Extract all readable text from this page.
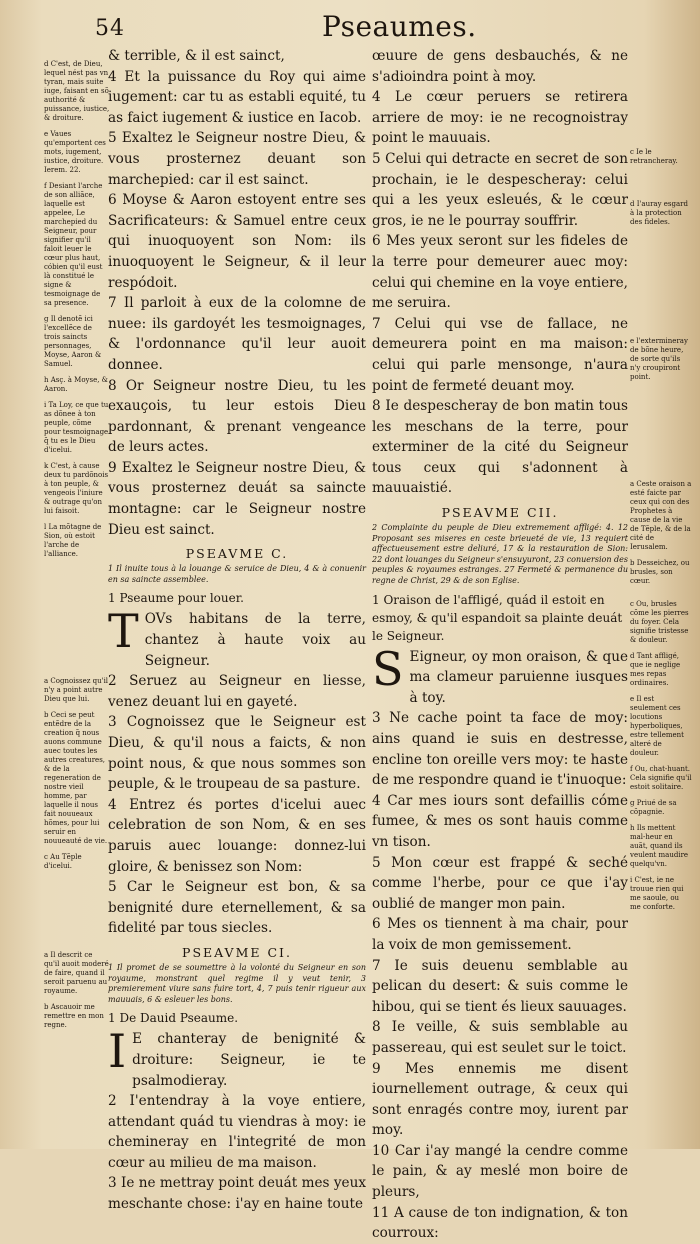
54	Pseaumes.
d C'est, de Dieu, lequel nést pas vn tyran, mais suite iuge, faisant en sõ authorité & puissance, iustice, & droiture.
e Vaues qu'emportent ces mots, iugement, iustice, droiture. Ierem. 22.
f Desiant l'arche de son alliãce, laquelle est appelee, Le marchepied du Seigneur, pour signifier qu'il faloit leuer le cœur plus haut, cóbien qu'il eust là constitué le signe & tesmoignage de sa presence.
g Il denotẽ ici l'excellẽce de trois saincts personnages, Moyse, Aaron & Samuel.
h Asç. à Moyse, & Aaron.
i Ta Loy, ce que tu as dõnee à ton peuple, cõme pour tesmoignage q̃ tu es le Dieu d'icelui.
k C'est, à cause deux tu pardõnois à ton peuple, & vengeois l'iniure & outrage qu'on lui faisoit.
l La mõtagne de Sion, où estoit l'arche de l'alliance.
a Cognoissez qu'il n'y a point autre Dieu que lui.
b Ceci se peut entẽdre de la creation q̃ nous auons commune auec toutes les autres creatures, & de la regeneration de nostre vieil homme, par laquelle il nous fait nouueaux hõmes, pour lui seruir en nouueauté de vie.
c Au Tẽple d'icelui.
a Il descrit ce qu'il auoit moderé de faire, quand il seroit paruenu au royaume.
b Ascauoir me remettre en mon regne.

& terrible, & il est sainct,

4 Et la puissance du Roy qui aime iugement: car tu as establi equité, tu as faict iugement & iustice en Iacob.

5 Exaltez le Seigneur nostre Dieu, & vous prosternez deuant son marchepied: car il est sainct.

6 Moyse & Aaron estoyent entre ses Sacrificateurs: & Samuel entre ceux qui inuoquoyent son Nom: ils inuoquoyent le Seigneur, & il leur respódoit.

7 Il parloit à eux de la colomne de nuee: ils gardoyét les tesmoignages, & l'ordonnance qu'il leur auoit donnee.

8 Or Seigneur nostre Dieu, tu les exauçois, tu leur estois Dieu pardonnant, & prenant vengeance de leurs actes.

9 Exaltez le Seigneur nostre Dieu, & vous prosternez deuát sa saincte montagne: car le Seigneur nostre Dieu est sainct.

PSEAVME C.

1 Il inuite tous à la louange & seruice de Dieu, 4 & à conuenir en sa saincte assemblee.

1 Pseaume pour louer.

T OVs habitans de la terre, chantez à haute voix au Seigneur.

2 Seruez au Seigneur en liesse, venez deuant lui en gayeté.

3 Cognoissez que le Seigneur est Dieu, & qu'il nous a faicts, & non point nous, & que nous sommes son peuple, & le troupeau de sa pasture.

4 Entrez és portes d'icelui auec celebration de son Nom, & en ses paruis auec louange: donnez-lui gloire, & benissez son Nom:

5 Car le Seigneur est bon, & sa benignité dure eternellement, & sa fidelité par tous siecles.

PSEAVME CI.

1 Il promet de se soumettre à la volonté du Seigneur en son royaume, monstrant quel regime il y veut tenir, 3 premierement viure sans fuire tort, 4, 7 puis tenir rigueur aux mauuais, 6 & esleuer les bons.

1 De Dauid Pseaume.

I E chanteray de benignité & droiture: Seigneur, ie te psalmodieray.

2 I'entendray à la voye entiere, attendant quád tu viendras à moy: ie chemineray en l'integrité de mon cœur au milieu de ma maison.

3 Ie ne mettray point deuát mes yeux meschante chose: i'ay en haine toute

œuure de gens desbauchés, & ne s'adioindra point à moy.

4 Le cœur peruers se retirera arriere de moy: ie ne recognoistray point le mauuais.

5 Celui qui detracte en secret de son prochain, ie le despescheray: celui qui a les yeux esleués, & le cœur gros, ie ne le pourray souffrir.

6 Mes yeux seront sur les fideles de la terre pour demeurer auec moy: celui qui chemine en la voye entiere, me seruira.

7 Celui qui vse de fallace, ne demeurera point en ma maison: celui qui parle mensonge, n'aura point de fermeté deuant moy.

8 Ie despescheray de bon matin tous les meschans de la terre, pour exterminer de la cité du Seigneur tous ceux qui s'adonnent à mauuaistié.

PSEAVME CII.

2 Complainte du peuple de Dieu extremement affligé: 4. 12 Proposant ses miseres en ceste brieueté de vie, 13 requiert affectueusement estre deliuré, 17 & la restauration de Sion: 22 dont louanges du Seigneur s'ensuyuront, 23 conuersion des peuples & royaumes estranges. 27 Fermeté & permanence du regne de Christ, 29 & de son Eglise.

1 Oraison de l'affligé, quád il estoit en esmoy, & qu'il espandoit sa plainte deuát le Seigneur.

S Eigneur, oy mon oraison, & que ma clameur paruienne iusques à toy.

3 Ne cache point ta face de moy: ains quand ie suis en destresse, encline ton oreille vers moy: te haste de me respondre quand ie t'inuoque:

4 Car mes iours sont defaillis cóme fumee, & mes os sont hauis comme vn tison.

5 Mon cœur est frappé & seché comme l'herbe, pour ce que i'ay oublié de manger mon pain.

6 Mes os tiennent à ma chair, pour la voix de mon gemissement.

7 Ie suis deuenu semblable au pelican du desert: & suis comme le hibou, qui se tient és lieux sauuages.

8 Ie veille, & suis semblable au passereau, qui est seulet sur le toict.

9 Mes ennemis me disent iournellement outrage, & ceux qui sont enragés contre moy, iurent par moy.

10 Car i'ay mangé la cendre comme le pain, & ay meslé mon boire de pleurs,

11 A cause de ton indignation, & ton courroux:

c Ie le retrancheray.
d I'auray esgard à la protection des fideles.
e l'extermineray de bõne heure, de sorte qu'ils n'y croupiront point.
a Ceste oraison a esté faicte par ceux qui con des Prophetes à cause de la vie de Tẽple, & de la cité de Ierusalem.
b Desseichez, ou brusles, son cœur.
c Ou, brusles cõme les pierres du foyer. Cela signifie tristesse & douleur.
d Tant affligé, que ie neglige mes repas ordinaires.
e Il est seulement ces locutions hyperboliques, estre tellement alteré de douleur.
f Ou, chat-huant. Cela signifie qu'il estoit solitaire.
g Priué de sa cõpagnie.
h Ils mettent mal-heur en auãt, quand ils veulent maudire quelqu'vn.
i C'est, ie ne trouue rien qui me saoule, ou me conforte.
